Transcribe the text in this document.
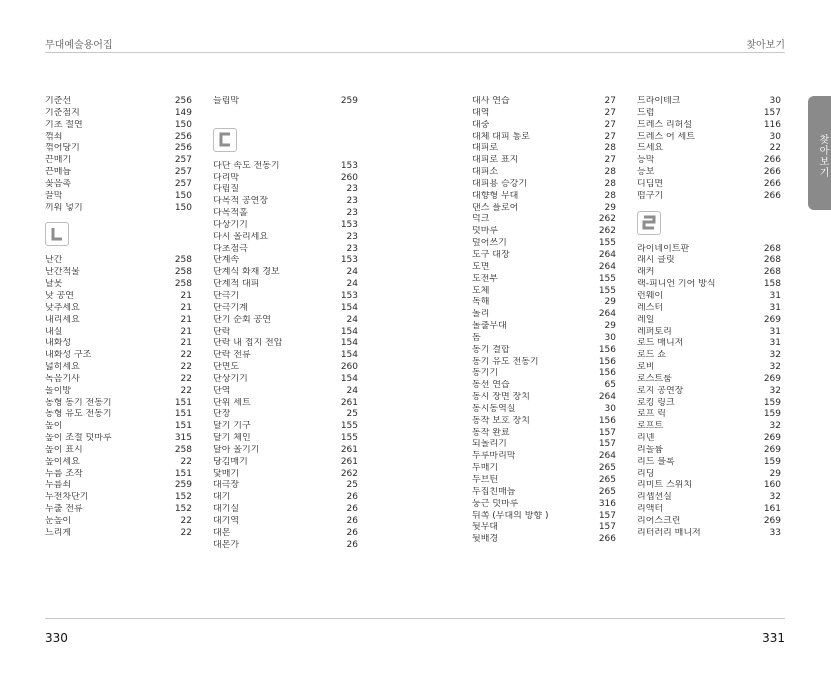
무대예술용어집	찾아보기
기준선	256
기준점지	149
기초 절연	150
꺾쇠	256
꺾어당기	256
끈매기	257
끈매듭	257
꽂음촉	257
끌막	150
끼워 넣기	150
난간	258
난간적물	258
날못	258
낮 공연	21
낮추세요	21
내리세요	21
내실	21
내화성	21
내화성 구조	22
넓히세요	22
녹음기사	22
놀이방	22
농형 동기 전동기	151
농형 유도 전동기	151
높이	151
높이 조절 덧마루	315
높이 표시	258
높이세요	22
누름 조작	151
누름쇠	259
누전차단기	152
누출 전류	152
눈높이	22
느리게	22
늘림막	259
다단 속도 전동기	153
다리막	260
다림질	23
다목적 공연장	23
다목적홀	23
다상기기	153
다시 올리세요	23
다초점극	23
단계속	153
단계식 화재 경보	24
단계적 대피	24
단극기	153
단극기계	154
단기 순회 공연	24
단락	154
단락 내 접지 전압	154
단락 전류	154
단면도	260
단상기기	154
단역	24
단위 세트	261
단장	25
달기 기구	155
달기 체인	155
달아 올기기	261
당김매기	261
닻매기	262
대극장	25
대기	26
대기실	26
대기역	26
대본	26
대본가	26
대사 연습	27
대역	27
대중	27
대체 대피 통로	27
대피로	28
대피로 표지	27
대피소	28
대피용 승강기	28
대향형 무대	28
댄스 플로어	29
덕크	262
덧마루	262
덮어쓰기	155
도구 대장	264
도면	264
도전부	155
도체	155
독해	29
돌리	264
돌출무대	29
돔	30
동기 결합	156
동기 유도 전동기	156
동기기	156
동선 연습	65
동시 장면 장치	264
동시동역실	30
동작 보호 장치	156
동작 완료	157
되돌리기	157
두루마리막	264
두매기	265
두브틴	265
두집친매듭	265
둥근 덧마루	316
뒤쪽 (무대의 방향 )	157
뒷무대	157
뒷배경	266
드라이테크	30
드럼	157
드레스 리허설	116
드레스 어 세트	30
드세요	22
등막	266
등보	266
디딤면	266
떰구기	266
라이네이트판	268
래시 클릿	268
래커	268
랙-피니언 기어 방식	158
런웨이	31
레스터	31
레일	269
레퍼토리	31
로드 매니저	31
로드 쇼	32
로비	32
로스트룸	269
로지 공연장	32
로킹 링크	159
로프 릭	159
로프트	32
리넨	269
리놀륨	269
리드 블록	159
리딩	29
리미트 스위치	160
리셉션실	32
리액터	161
리어스크린	269
리터러리 매니저	33
찾아보기
330	331
